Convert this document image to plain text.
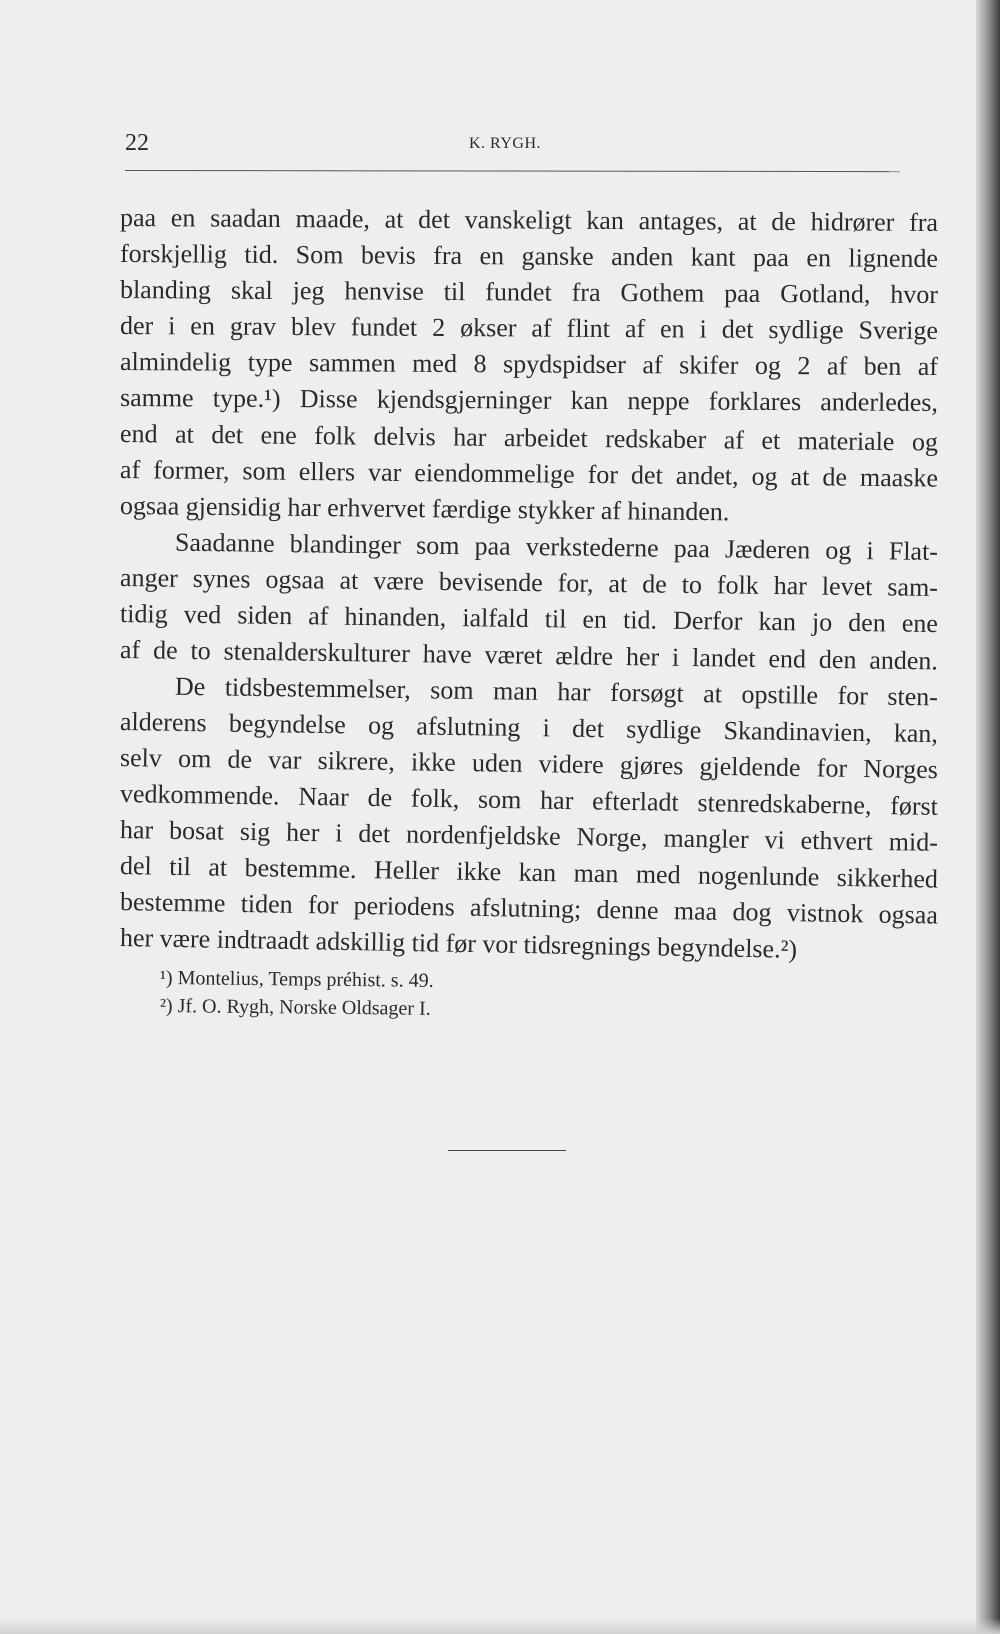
22	K. RYGH.
paa en saadan maade, at det vanskeligt kan antages, at de hidrører fra
forskjellig tid. Som bevis fra en ganske anden kant paa en lignende
blanding skal jeg henvise til fundet fra Gothem paa Gotland, hvor
der i en grav blev fundet 2 økser af flint af en i det sydlige Sverige
almindelig type sammen med 8 spydspidser af skifer og 2 af ben af
samme type.¹) Disse kjendsgjerninger kan neppe forklares anderledes,
end at det ene folk delvis har arbeidet redskaber af et materiale og
af former, som ellers var eiendommelige for det andet, og at de maaske
ogsaa gjensidig har erhvervet færdige stykker af hinanden.
Saadanne blandinger som paa verkstederne paa Jæderen og i Flat-
anger synes ogsaa at være bevisende for, at de to folk har levet sam-
tidig ved siden af hinanden, ialfald til en tid. Derfor kan jo den ene
af de to stenalderskulturer have været ældre her i landet end den anden.
De tidsbestemmelser, som man har forsøgt at opstille for sten-
alderens begyndelse og afslutning i det sydlige Skandinavien, kan,
selv om de var sikrere, ikke uden videre gjøres gjeldende for Norges
vedkommende. Naar de folk, som har efterladt stenredskaberne, først
har bosat sig her i det nordenfjeldske Norge, mangler vi ethvert mid-
del til at bestemme. Heller ikke kan man med nogenlunde sikkerhed
bestemme tiden for periodens afslutning; denne maa dog vistnok ogsaa
her være indtraadt adskillig tid før vor tidsregnings begyndelse.²)
¹) Montelius, Temps préhist. s. 49.
²) Jf. O. Rygh, Norske Oldsager I.
